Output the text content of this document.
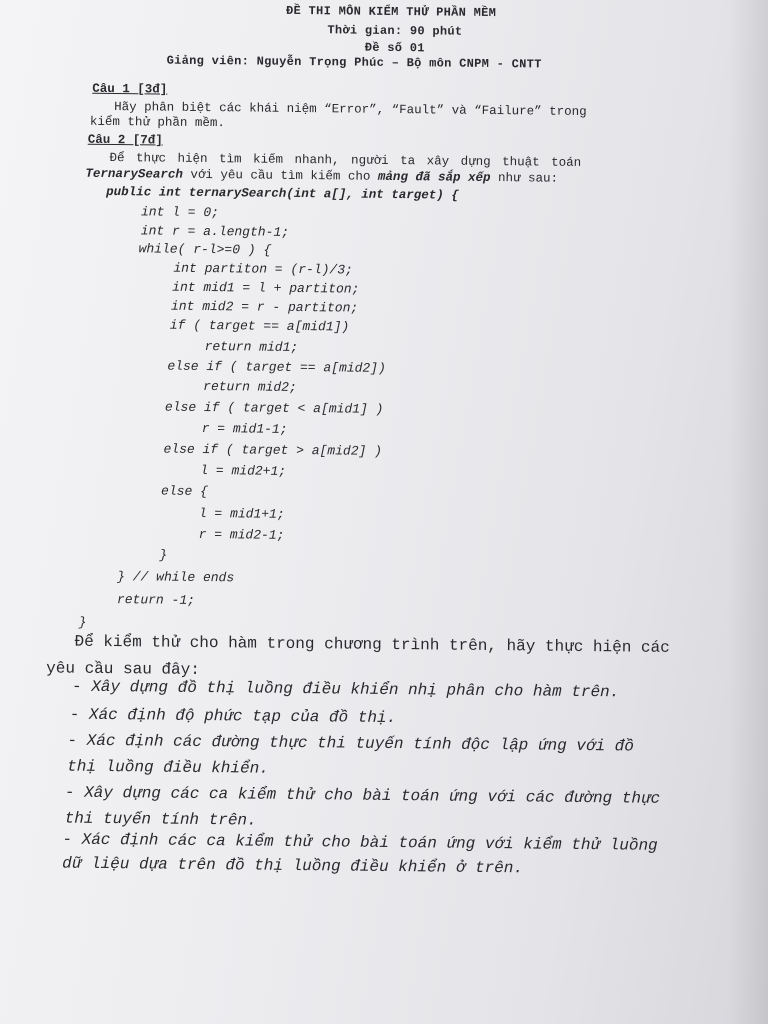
ĐỀ THI MÔN KIỂM THỬ PHẦN MỀM
Thời gian: 90 phút
Đề số 01
Giảng viên: Nguyễn Trọng Phúc – Bộ môn CNPM - CNTT
Câu 1 [3đ]
Hãy phân biệt các khái niệm “Error”, “Fault” và “Failure” trong
kiểm thử phần mềm.
Câu 2 [7đ]
Để thực hiện tìm kiếm nhanh, người ta xây dựng thuật toán
TernarySearch với yêu cầu tìm kiếm cho mảng đã sắp xếp như sau:
public int ternarySearch(int a[], int target) {
int l = 0;
int r = a.length-1;
while( r-l>=0 ) {
int partiton = (r-l)/3;
int mid1 = l + partiton;
int mid2 = r - partiton;
if ( target == a[mid1])
return mid1;
else if ( target == a[mid2])
return mid2;
else if ( target < a[mid1] )
r = mid1-1;
else if ( target > a[mid2] )
l = mid2+1;
else {
l = mid1+1;
r = mid2-1;
}
} // while ends
return -1;
}
Để kiểm thử cho hàm trong chương trình trên, hãy thực hiện các
yêu cầu sau đây:
- Xây dựng đồ thị luồng điều khiển nhị phân cho hàm trên.
- Xác định độ phức tạp của đồ thị.
- Xác định các đường thực thi tuyến tính độc lập ứng với đồ
thị luồng điều khiển.
- Xây dựng các ca kiểm thử cho bài toán ứng với các đường thực
thi tuyến tính trên.
- Xác định các ca kiểm thử cho bài toán ứng với kiểm thử luồng
dữ liệu dựa trên đồ thị luồng điều khiển ở trên.
